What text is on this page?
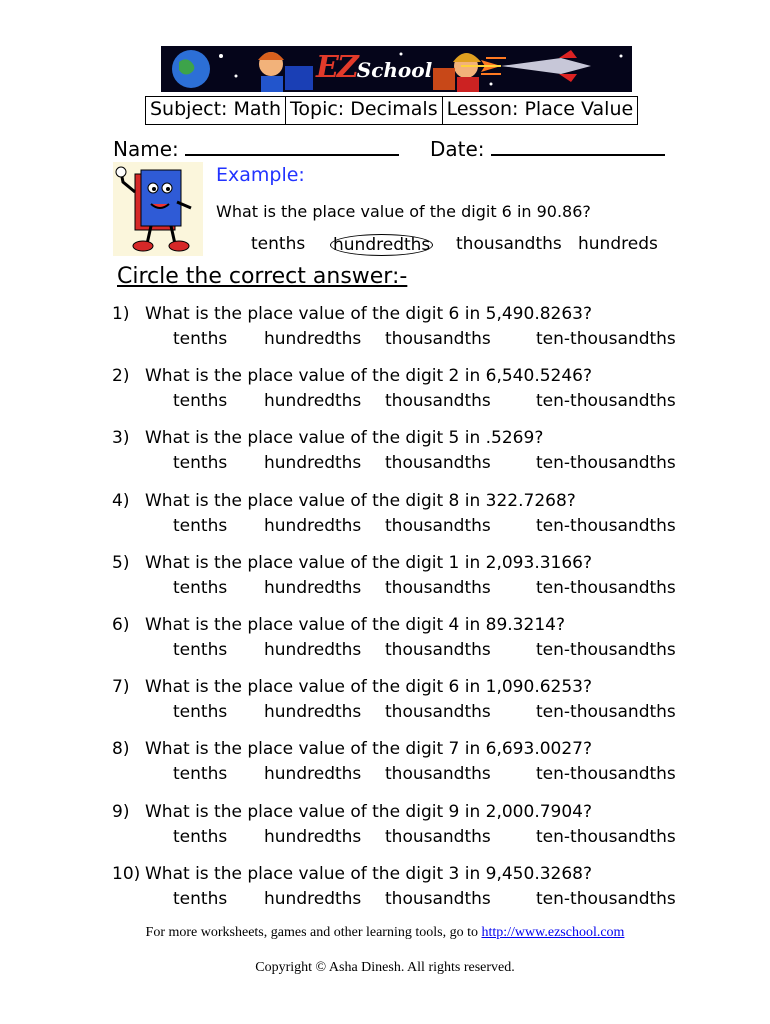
EZSchool
Subject: Math Topic: Decimals Lesson: Place Value
Name:	Date:
Example:
What is the place value of the digit 6 in 90.86?
tenths hundredths thousandths hundreds
Circle the correct answer:-
1) What is the place value of the digit 6 in 5,490.8263?
tenths hundredths thousandths	ten-thousandths
2) What is the place value of the digit 2 in 6,540.5246?
tenths hundredths thousandths	ten-thousandths
3) What is the place value of the digit 5 in .5269?
tenths hundredths thousandths	ten-thousandths
4) What is the place value of the digit 8 in 322.7268?
tenths hundredths thousandths	ten-thousandths
5) What is the place value of the digit 1 in 2,093.3166?
tenths hundredths thousandths	ten-thousandths
6) What is the place value of the digit 4 in 89.3214?
tenths hundredths thousandths	ten-thousandths
7) What is the place value of the digit 6 in 1,090.6253?
tenths hundredths thousandths	ten-thousandths
8) What is the place value of the digit 7 in 6,693.0027?
tenths hundredths thousandths	ten-thousandths
9) What is the place value of the digit 9 in 2,000.7904?
tenths hundredths thousandths	ten-thousandths
10) What is the place value of the digit 3 in 9,450.3268?
tenths hundredths thousandths	ten-thousandths
For more worksheets, games and other learning tools, go to http://www.ezschool.com
Copyright © Asha Dinesh. All rights reserved.
